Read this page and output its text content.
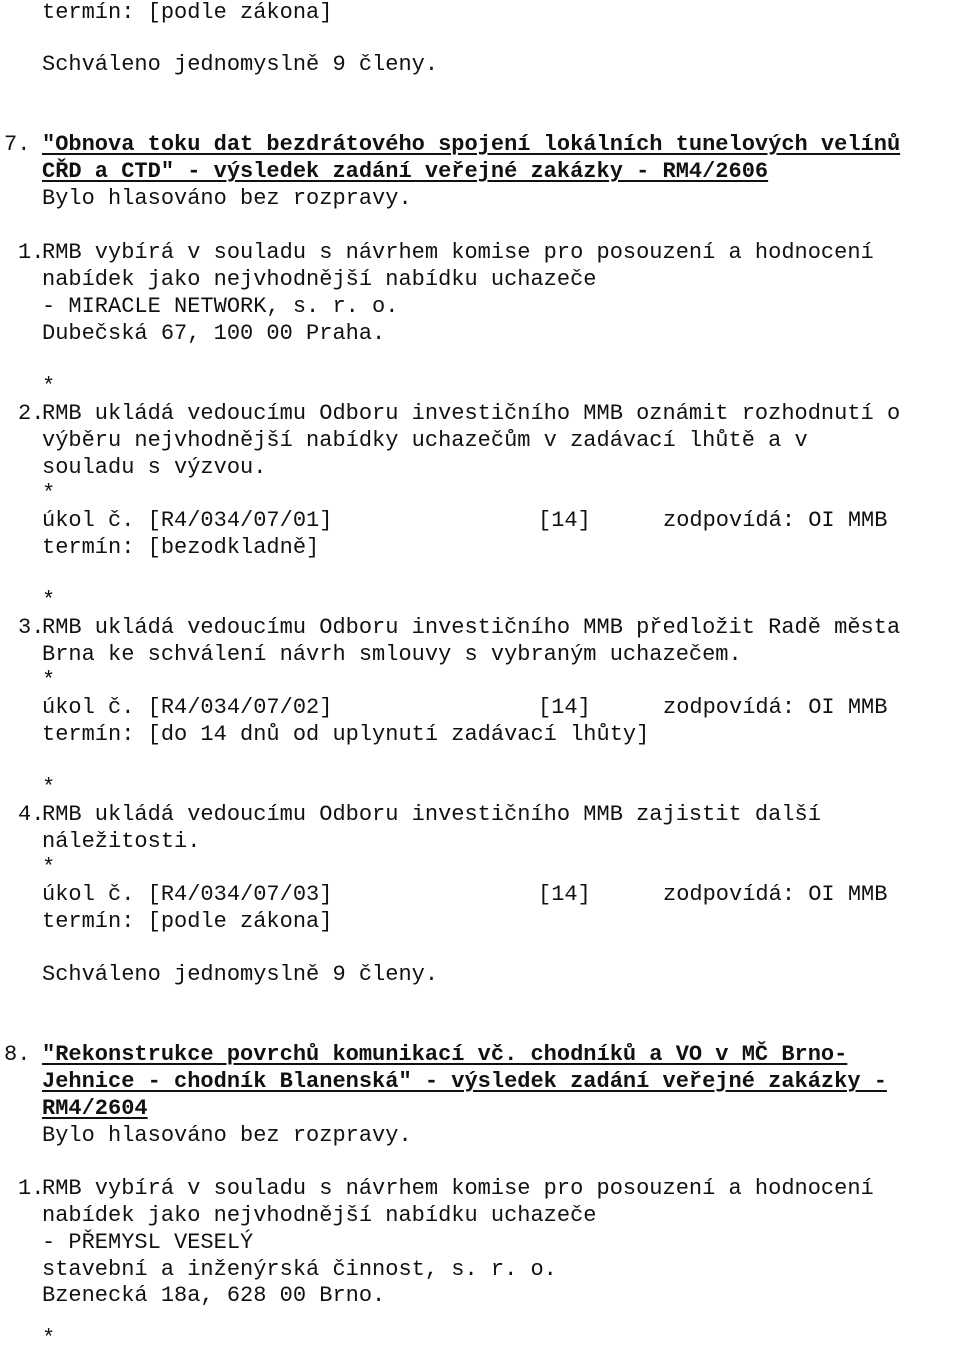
termín: [podle zákona]
Schváleno jednomyslně 9 členy.
7. "Obnova toku dat bezdrátového spojení lokálních tunelových velínů
CŘD a CTD" - výsledek zadání veřejné zakázky - RM4/2606
Bylo hlasováno bez rozpravy.
1.
RMB vybírá v souladu s návrhem komise pro posouzení a hodnocení
nabídek jako nejvhodnější nabídku uchazeče
- MIRACLE NETWORK, s. r. o.
Dubečská 67, 100 00 Praha.
*
2.
RMB ukládá vedoucímu Odboru investičního MMB oznámit rozhodnutí o
výběru nejvhodnější nabídky uchazečům v zadávací lhůtě a v
souladu s výzvou.
*
úkol č. [R4/034/07/01]	[14]	zodpovídá: OI MMB
termín: [bezodkladně]
*
3.
RMB ukládá vedoucímu Odboru investičního MMB předložit Radě města
Brna ke schválení návrh smlouvy s vybraným uchazečem.
*
úkol č. [R4/034/07/02]	[14]	zodpovídá: OI MMB
termín: [do 14 dnů od uplynutí zadávací lhůty]
*
4.
RMB ukládá vedoucímu Odboru investičního MMB zajistit další
náležitosti.
*
úkol č. [R4/034/07/03]	[14]	zodpovídá: OI MMB
termín: [podle zákona]
Schváleno jednomyslně 9 členy.
8. "Rekonstrukce povrchů komunikací vč. chodníků a VO v MČ Brno-
Jehnice - chodník Blanenská" - výsledek zadání veřejné zakázky -
RM4/2604
Bylo hlasováno bez rozpravy.
1.
RMB vybírá v souladu s návrhem komise pro posouzení a hodnocení
nabídek jako nejvhodnější nabídku uchazeče
- PŘEMYSL VESELÝ
stavební a inženýrská činnost, s. r. o.
Bzenecká 18a, 628 00 Brno.
*
